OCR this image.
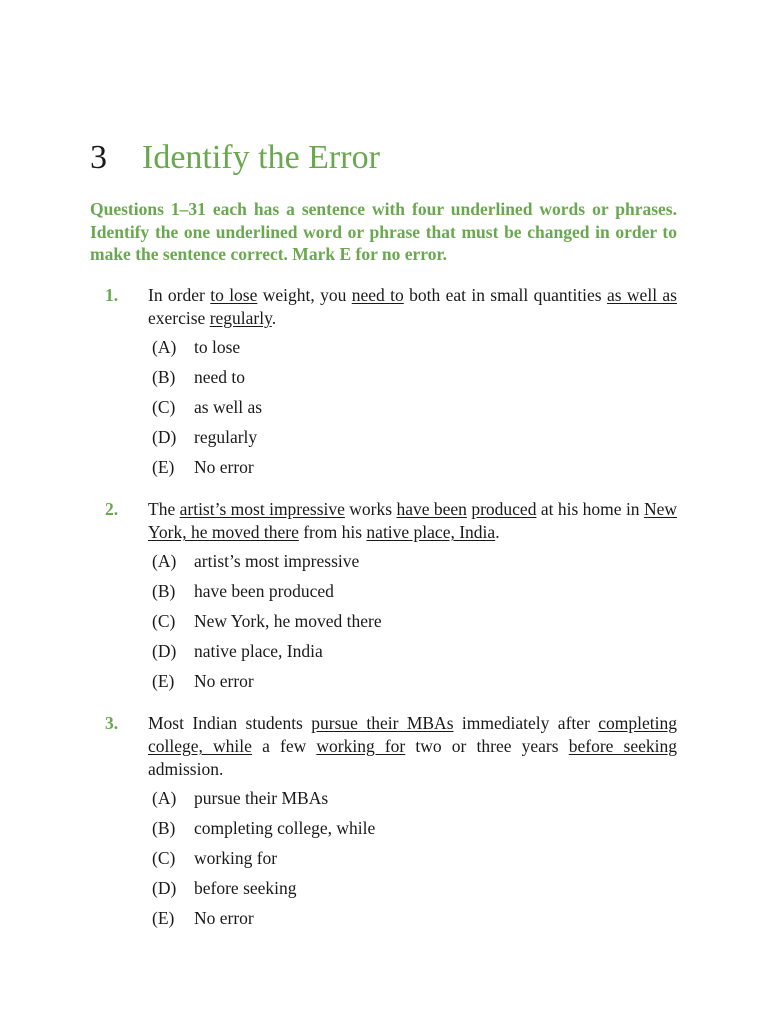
3 Identify the Error
Questions 1–31 each has a sentence with four underlined words or phrases. Identify the one underlined word or phrase that must be changed in order to make the sentence correct. Mark E for no error.
1. In order to lose weight, you need to both eat in small quantities as well as exercise regularly.
(A) to lose
(B) need to
(C) as well as
(D) regularly
(E) No error
2. The artist’s most impressive works have been produced at his home in New York, he moved there from his native place, India.
(A) artist’s most impressive
(B) have been produced
(C) New York, he moved there
(D) native place, India
(E) No error
3. Most Indian students pursue their MBAs immediately after completing college, while a few working for two or three years before seeking admission.
(A) pursue their MBAs
(B) completing college, while
(C) working for
(D) before seeking
(E) No error
